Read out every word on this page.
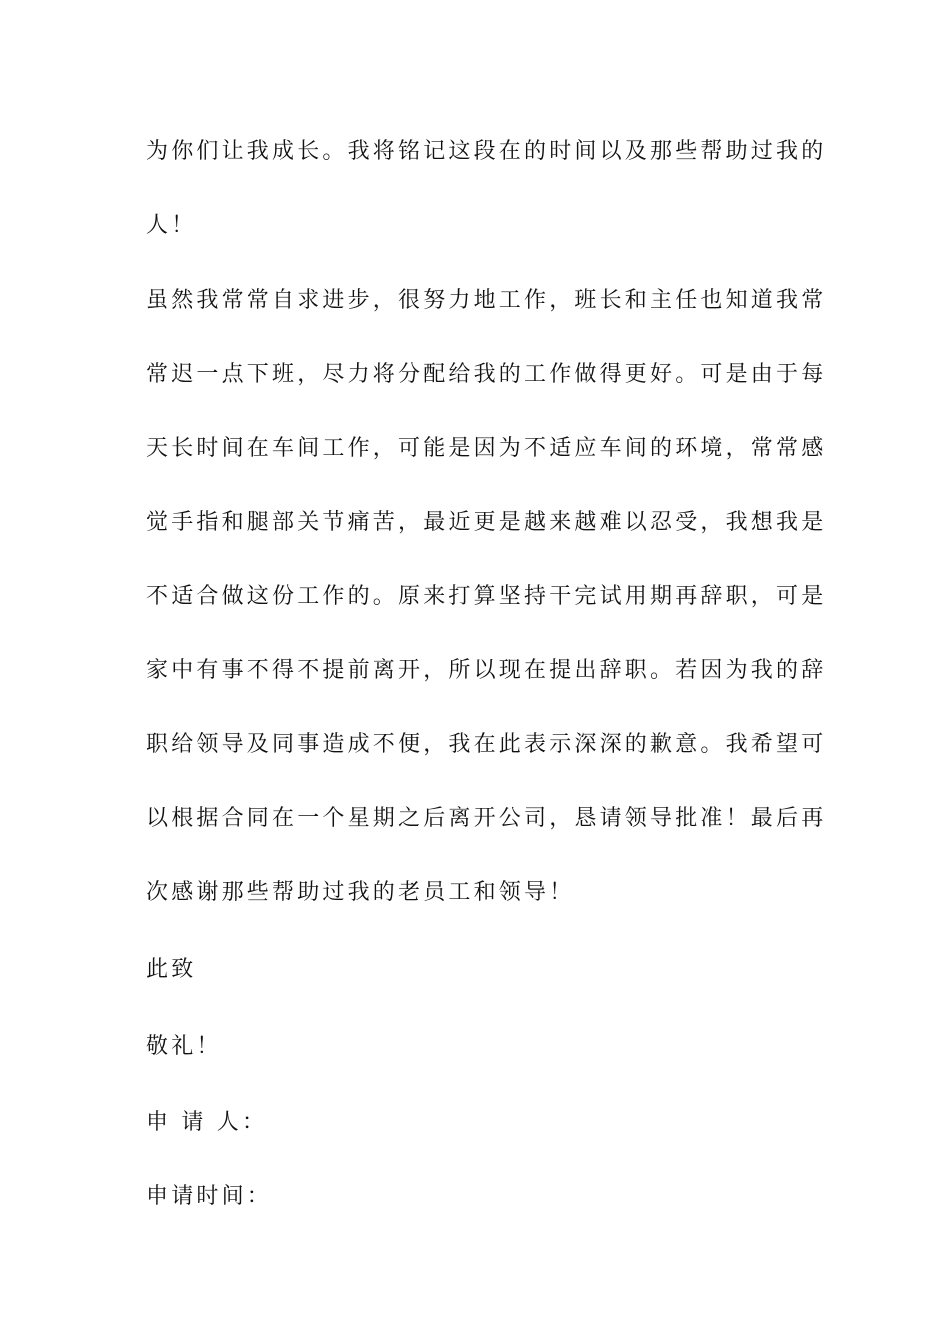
为你们让我成长。我将铭记这段在的时间以及那些帮助过我的
人！
虽然我常常自求进步，很努力地工作，班长和主任也知道我常
常迟一点下班，尽力将分配给我的工作做得更好。可是由于每
天长时间在车间工作，可能是因为不适应车间的环境，常常感
觉手指和腿部关节痛苦，最近更是越来越难以忍受，我想我是
不适合做这份工作的。原来打算坚持干完试用期再辞职，可是
家中有事不得不提前离开，所以现在提出辞职。若因为我的辞
职给领导及同事造成不便，我在此表示深深的歉意。我希望可
以根据合同在一个星期之后离开公司，恳请领导批准！最后再
次感谢那些帮助过我的老员工和领导！
此致
敬礼！
申 请 人：
申请时间：
